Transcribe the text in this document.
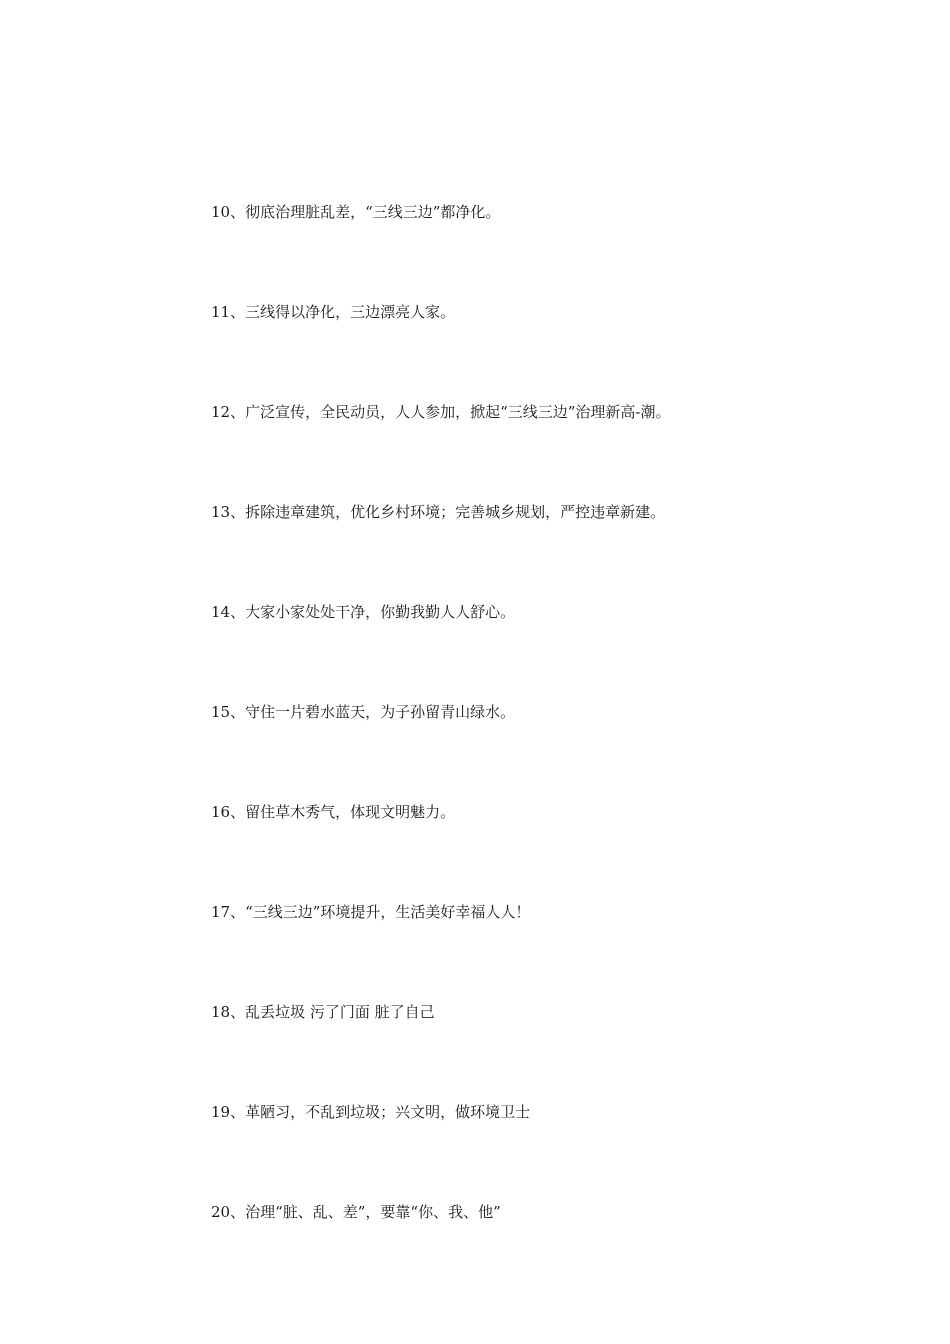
10、彻底治理脏乱差，“三线三边”都净化。
11、三线得以净化，三边漂亮人家。
12、广泛宣传，全民动员，人人参加，掀起“三线三边”治理新高-潮。
13、拆除违章建筑，优化乡村环境；完善城乡规划，严控违章新建。
14、大家小家处处干净，你勤我勤人人舒心。
15、守住一片碧水蓝天，为子孙留青山绿水。
16、留住草木秀气，体现文明魅力。
17、“三线三边”环境提升，生活美好幸福人人！
18、乱丢垃圾 污了门面 脏了自己
19、革陋习，不乱到垃圾；兴文明，做环境卫士
20、治理“脏、乱、差”，要靠“你、我、他”
